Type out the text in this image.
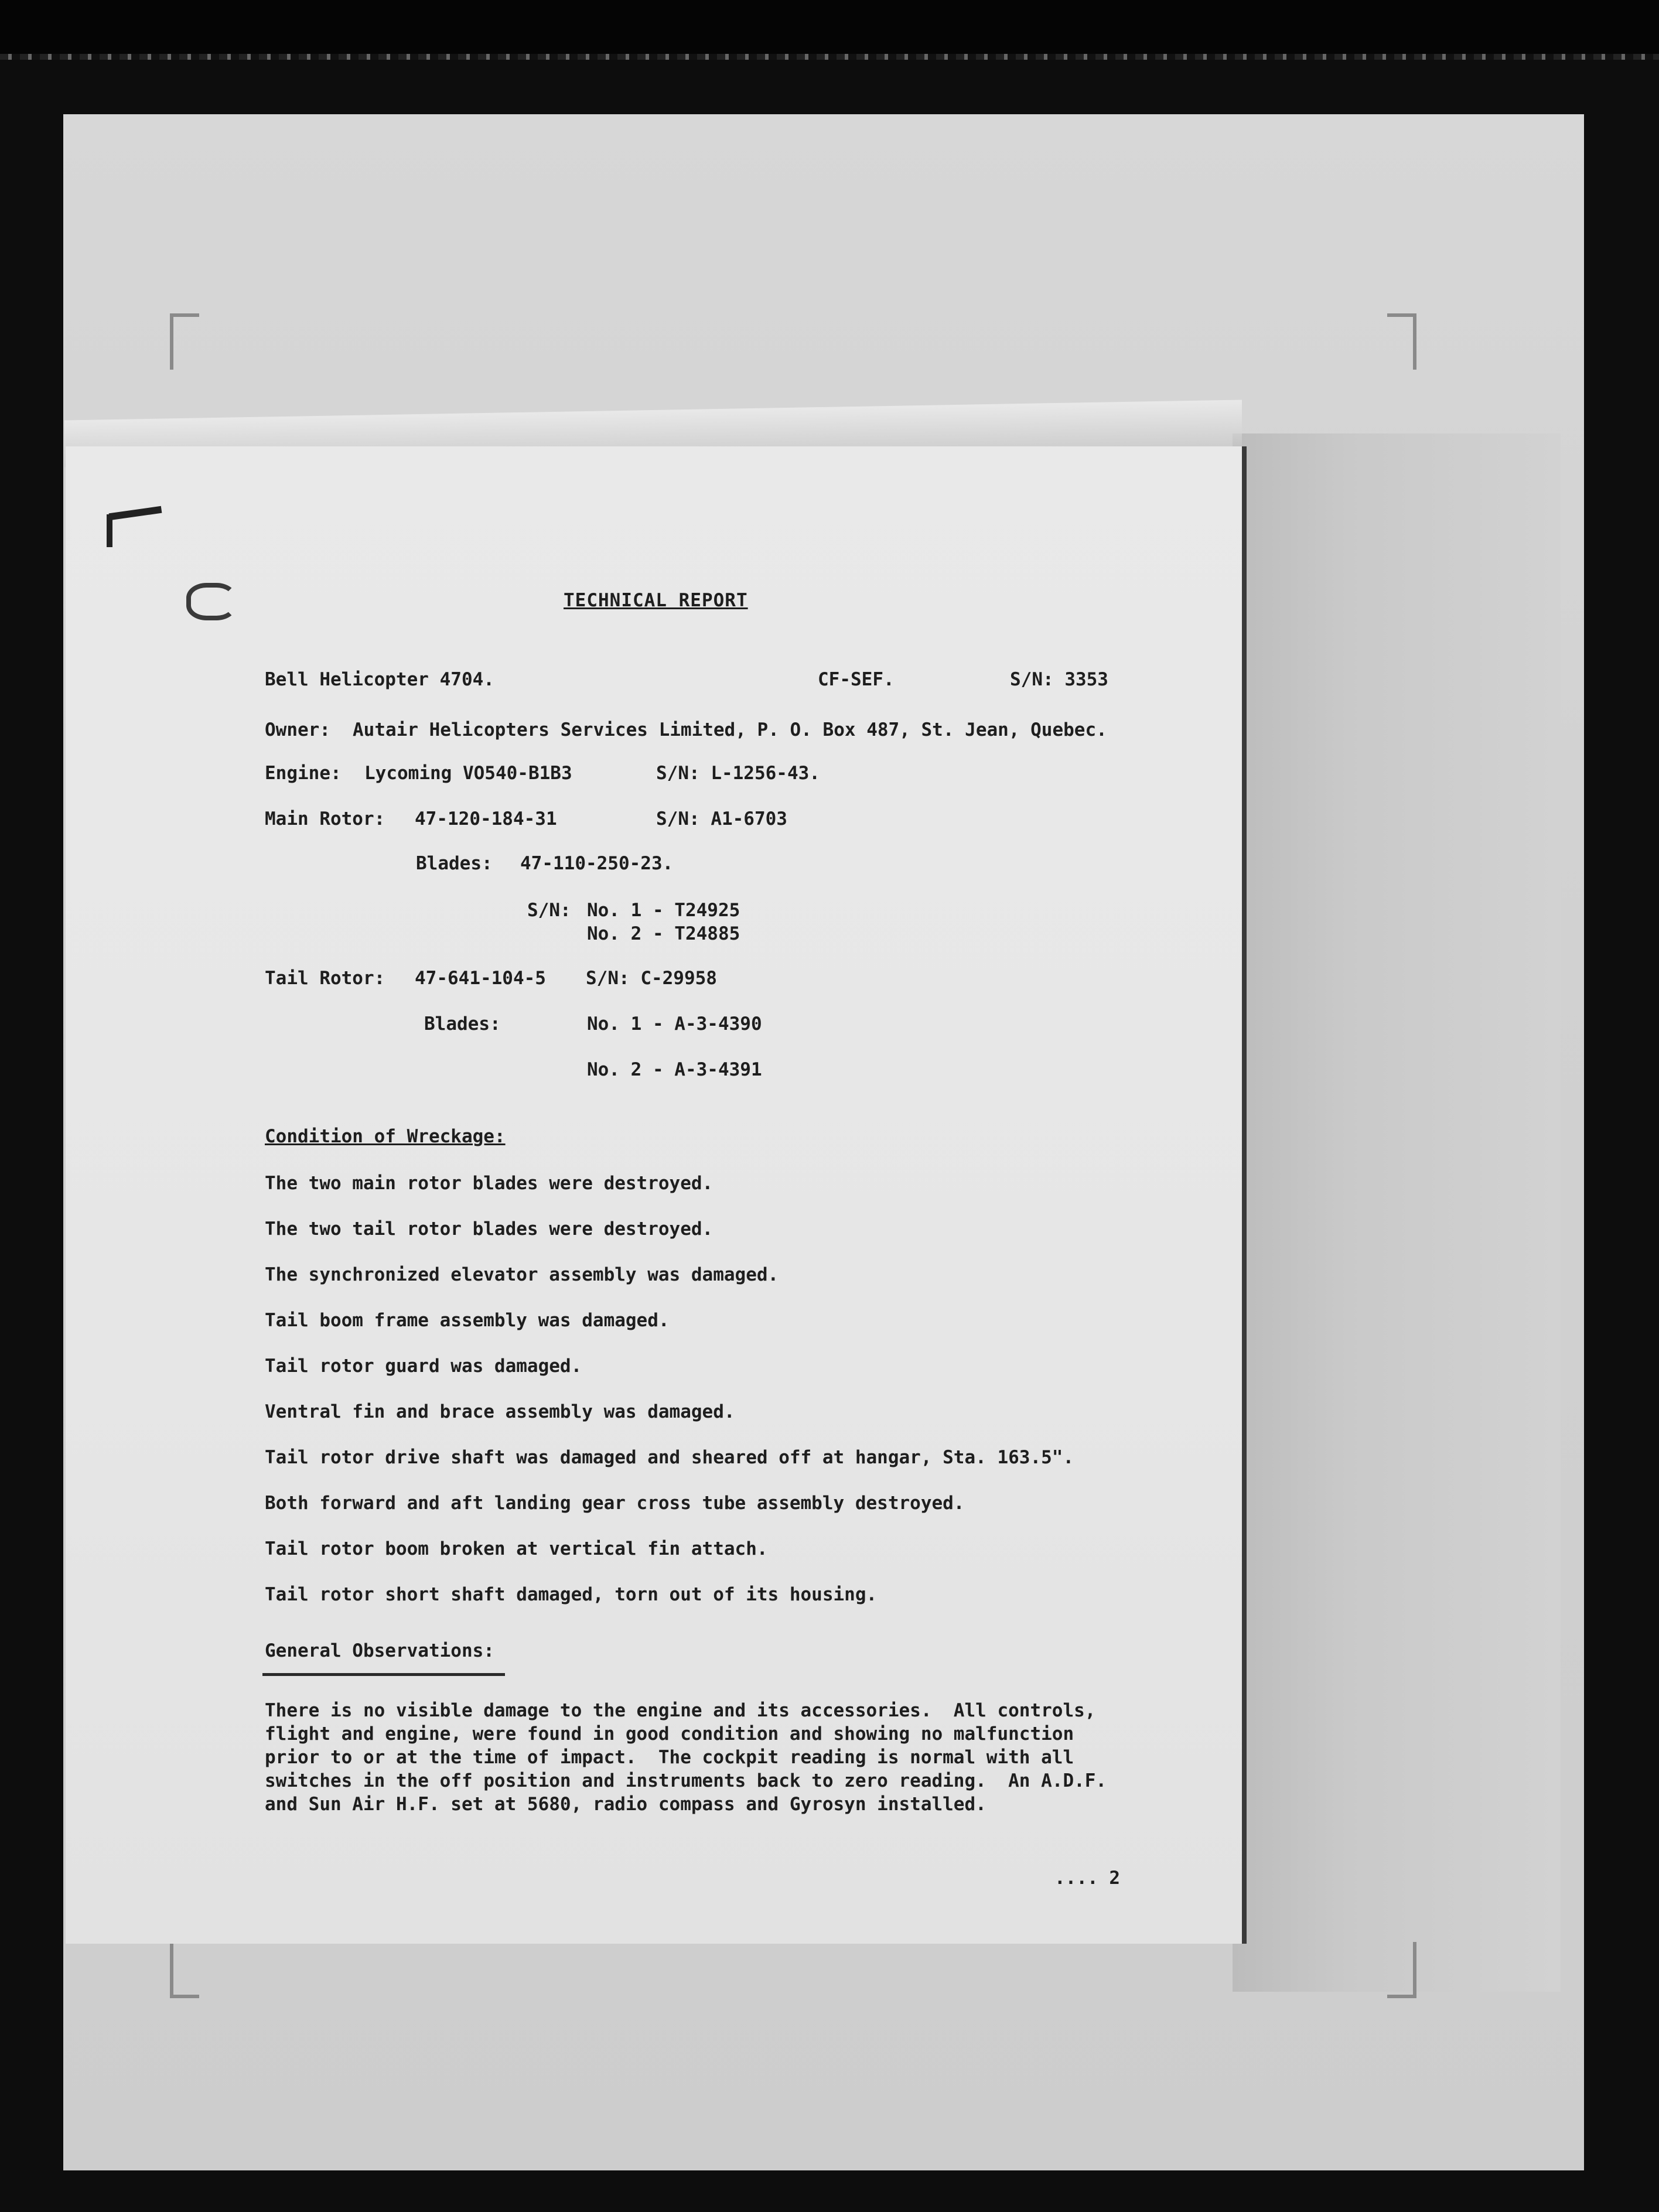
TECHNICAL REPORT

Bell Helicopter 4704.	CF-SEF.	S/N: 3353

Owner: Autair Helicopters Services Limited, P. O. Box 487, St. Jean, Quebec.

Engine: Lycoming VO540-B1B3	S/N: L-1256-43.

Main Rotor: 47-120-184-31	S/N: A1-6703

Blades: 47-110-250-23.

S/N: No. 1 - T24925

No. 2 - T24885

Tail Rotor: 47-641-104-5 S/N: C-29958

Blades:	No. 1 - A-3-4390

No. 2 - A-3-4391

Condition of Wreckage:

The two main rotor blades were destroyed.

The two tail rotor blades were destroyed.

The synchronized elevator assembly was damaged.

Tail boom frame assembly was damaged.

Tail rotor guard was damaged.

Ventral fin and brace assembly was damaged.

Tail rotor drive shaft was damaged and sheared off at hangar, Sta. 163.5".

Both forward and aft landing gear cross tube assembly destroyed.

Tail rotor boom broken at vertical fin attach.

Tail rotor short shaft damaged, torn out of its housing.

General Observations:

There is no visible damage to the engine and its accessories.  All controls,

flight and engine, were found in good condition and showing no malfunction

prior to or at the time of impact.  The cockpit reading is normal with all

switches in the off position and instruments back to zero reading.  An A.D.F.

and Sun Air H.F. set at 5680, radio compass and Gyrosyn installed.

.... 2
